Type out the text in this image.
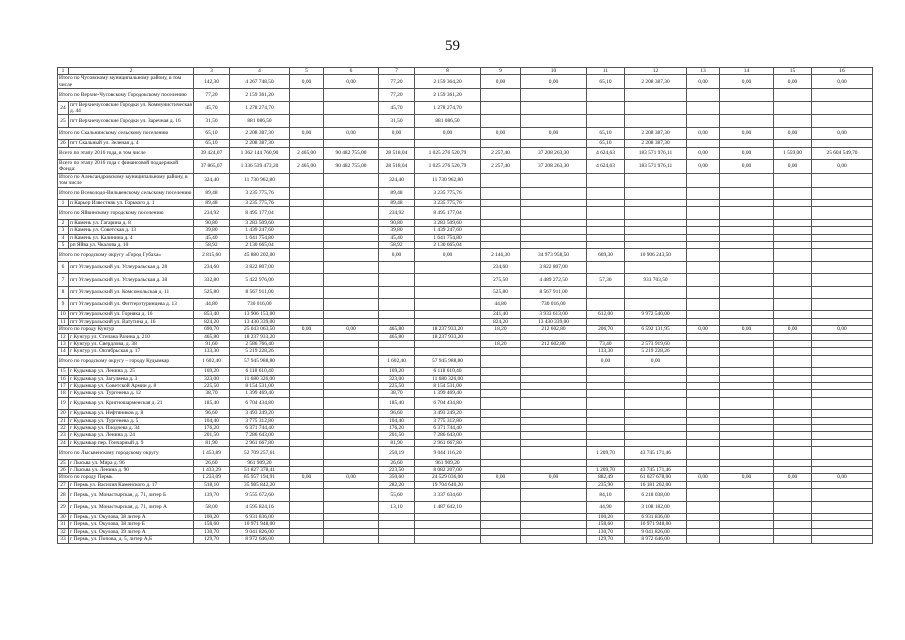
59
1	2	3	4	5	6	7	8	9	10	11	12	13	14	15	16
Итого по Чусовскому муниципальному району, в том числе		142,30	4 267 748,50	0,00	0,00	77,20	2 159 364,20	0,00	0,00	65,10	2 208 387,30	0,00	0,00	0,00	0,00
Итого по Верхне-Чусовскому Городокскому поселению		77,20	2 159 361,20			77,20	2 159 361,20								
24	пгт Верхнечусовские Городки ул. Коммунистическая д. 44	45,70	1 278 274,70			45,70	1 278 274,70								
25	пгт Верхнечусовские Городки ул. Заречная д. 16	31,50	881 086,50			31,50	881 086,50								
Итого по Скальнинскому сельскому поселению		65,10	2 208 387,30	0,00	0,00	0,00	0,00	0,00	0,00	65,10	2 208 387,30	0,00	0,00	0,00	0,00
26	пгт Скальный ул. Зеленая д. 4	65,10	2 208 387,30							65,10	2 208 387,30				
Всего по этапу 2016 года, в том числе		39 424,07	1 362 144 760,90	2 465,00	90 482 755,00	28 518,04	1 025 276 520,79	2 257,40	37 208 263,30	4 624,63	183 571 976,11	0,00	0,00	1 559,00	25 604 549,70
Всего по этапу 2016 года с финансовой поддержкой Фонда:		37 865,07	1 336 539 473,20	2 465,00	90 482 755,00	28 518,04	1 025 276 520,79	2 257,40	37 208 263,30	4 624,63	183 571 976,11	0,00	0,00	0,00	0,00
Итого по Александровскому муниципальному району, в том числе		324,40	11 730 962,80			324,40	11 730 962,80								
Итого по Всеволодо-Вильвенскому сельскому поселению		89,48	3 235 775,76			89,48	3 235 775,76								
1	п Карьер Известняк ул. Горького д. 1	89,48	3 235 775,76			89,48	3 235 775,76								
Итого по Яйвинскому городскому поселению		234,92	8 495 177,04			234,92	8 495 177,04								
2	п Камень ул. Гагарина д. 8	90,80	3 283 509,60			90,80	3 283 509,60								
3	п Камень ул. Советская д. 13	39,80	1 439 247,60			39,80	1 439 247,60								
4	п Камень ул. Калинина д. 4	45,40	1 641 754,80			45,40	1 641 754,80								
5	рп Яйва ул. Чкалова д. 10	58,92	2 130 665,04			58,92	2 130 665,04								
Итого по городскому округу «Город Губаха»		2 815,60	45 880 202,00			0,00	0,00	2 146,30	34 973 958,50	669,30	10 906 243,50				
6	пгт Углеуральский ул. Углеуральская д. 28	234,60	3 822 807,00					234,60	3 822 807,00						
7	пгт Углеуральский ул. Углеуральская д. 38	332,80	5 422 976,00					275,50	4 489 272,50	57,30	933 703,50				
8	пгт Углеуральский ул. Комсомольская д. 11	525,80	8 567 911,00					525,80	8 567 911,00						
9	пгт Углеуральский ул. Фиттерзтуринцева д. 13	44,80	730 016,00					44,80	730 016,00						
10	пгт Углеуральский ул. Горняка д. 16	853,40	13 906 153,00					241,40	3 933 613,00	612,00	9 972 540,00				
11	пгт Углеуральский ул. Ватутина д. 16	824,20	13 430 339,00					824,20	13 430 339,00						
Итого по городу Кунгур		690,70	25 043 063,50	0,00	0,00	465,80	18 237 933,20	18,20	212 602,80	206,70	6 592 131,95	0,00	0,00	0,00	0,00
12	г Кунгур ул. Степана Разина д. 210	465,80	18 237 933,20			465,80	18 237 933,20								
13	г Кунгур ул. Свердлова, д. 38	91,60	2 586 766,40					18,20	212 602,80	73,40	2 573 919,60				
14	г Кунгур ул. Октябрьская д. 17	133,30	5 219 228,26							133,30	5 219 228,26				
Итого по городскому округу – городу Кудымкар		1 602,40	57 945 988,80			1 602,40	57 945 988,80			0,00	0,00				
15	г Кудымкар ул. Ленина д. 25	169,20	6 118 610,40			169,20	6 118 610,40								
16	г Кудымкар ул. Загуляева д. 3	323,00	11 680 326,00			323,00	11 680 326,00								
17	г Кудымкар ул. Советской Армии д. 8	225,50	8 154 531,00			225,50	8 154 531,00								
18	г Кудымкар ул. Тургенева д. 12	38,70	1 399 469,40			38,70	1 399 469,40								
19	г Кудымкар ул. Кригношарменская д. 21	185,40	6 704 434,80			185,40	6 704 434,80								
20	г Кудымкар ул. Нефтяников д. 8	96,60	3 493 249,20			96,60	3 493 249,20								
21	г Кудымкар ул. Тургенева д. 5	104,40	3 775 312,80			104,40	3 775 312,80								
22	г Кудымкар ул. Плодчева д. 34	176,20	6 371 744,40			176,20	6 371 744,40								
23	г Кудымкар ул. Ленина д. 24	201,50	7 286 643,00			201,50	7 286 643,00								
24	г Кудымкар пер. Гончарный д. 9	81,90	2 961 667,80			81,90	2 961 667,80								
Итого по Лысьвенскому городскому округу		1 453,89	52 709 257,61			250,19	9 044 116,20			1 209,70	43 745 171,46				
25	г Лысьва ул. Мира д. 96	26,60	961 909,20			26,60	961 909,20								
26	г Лысьва ул. Ленина д. 90	1 433,29	51 827 378,41			223,50	8 082 207,00			1 209,70	43 745 171,46				
Итого по городу Пермь		1 233,09	85 957 194,91	0,00	0,00	350,60	24 529 036,00	0,00	0,00	882,49	61 027 678,00	0,00	0,00	0,00	0,00
27	г Пермь ул. Василия Каменского д. 17	518,10	35 985 842,20			282,20	19 704 640,20			235,90	16 181 202,00				
28	г Пермь, ул. Монастырская, д. 71, литер Б	139,70	9 555 672,60			55,60	3 337 634,60			84,10	6 218 038,00				
29	г Пермь, ул. Монастырская, д. 71, литер А	58,00	4 595 824,16			13,10	1 487 642,10			44,90	3 108 182,00				
30	г Пермь, ул. Окулова, 38 литер А	100,20	6 931 836,00							100,20	6 931 836,00				
31	г Пермь, ул. Окулова, 38 литер Б	158,60	10 971 948,00							158,60	10 971 948,00				
32	г Пермь, ул. Окулова, 39 литер А	130,70	9 041 826,00							130,70	9 041 826,00				
33	г Пермь, ул. Попова, д. 5, литер А,Б	129,70	8 972 646,00							129,70	8 972 646,00				
